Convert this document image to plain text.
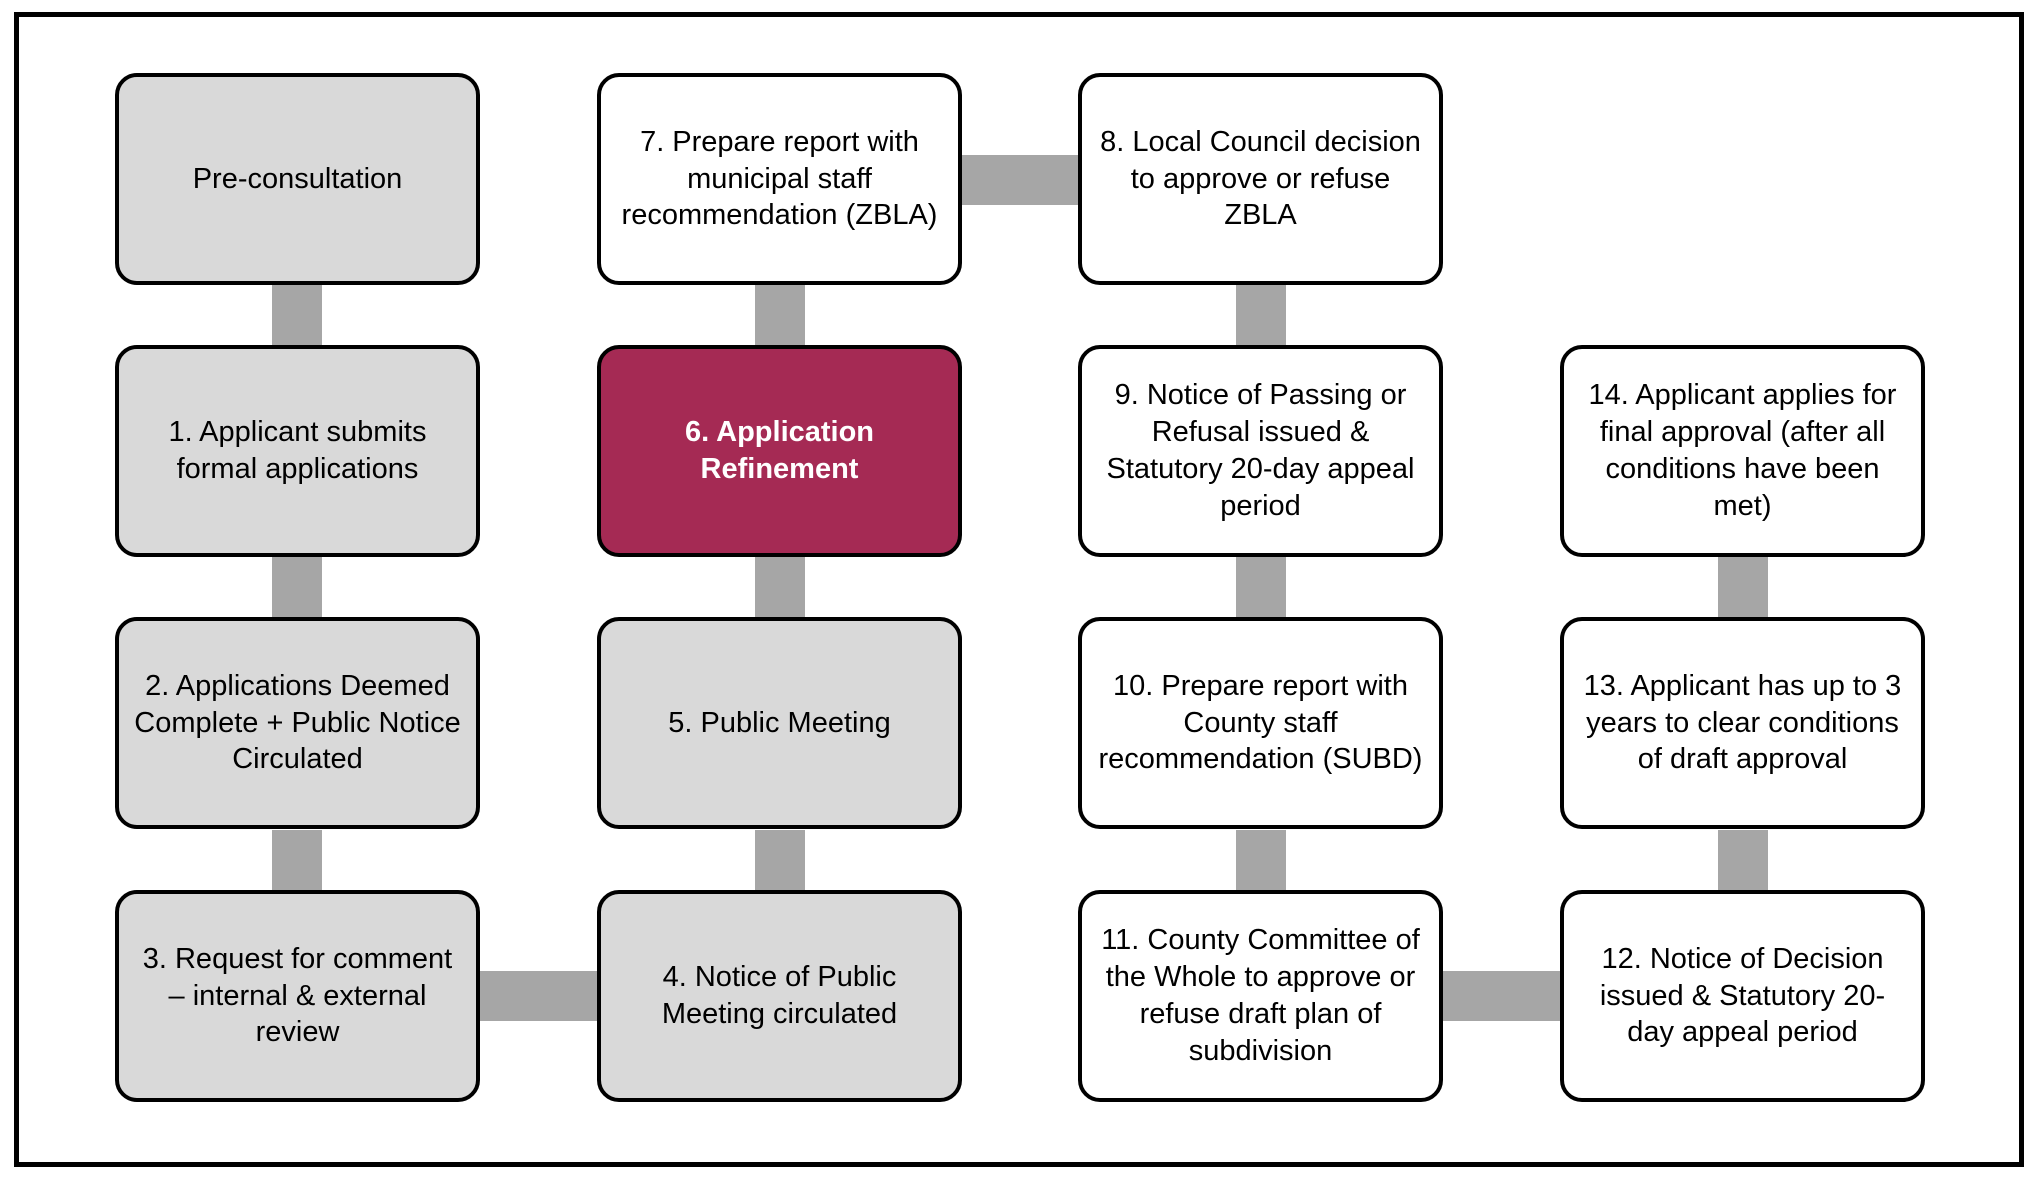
Pre-consultation
1. Applicant submits formal applications
2. Applications Deemed Complete + Public Notice Circulated
3. Request for comment – internal & external review
4. Notice of Public Meeting circulated
5. Public Meeting
6. Application Refinement
7. Prepare report with municipal staff recommendation (ZBLA)
8. Local Council decision to approve or refuse ZBLA
9. Notice of Passing or Refusal issued & Statutory 20-day appeal period
10. Prepare report with County staff recommendation (SUBD)
11. County Committee of the Whole to approve or refuse draft plan of subdivision
12. Notice of Decision issued & Statutory 20-day appeal period
13. Applicant has up to 3 years to clear conditions of draft approval
14. Applicant applies for final approval (after all conditions have been met)
